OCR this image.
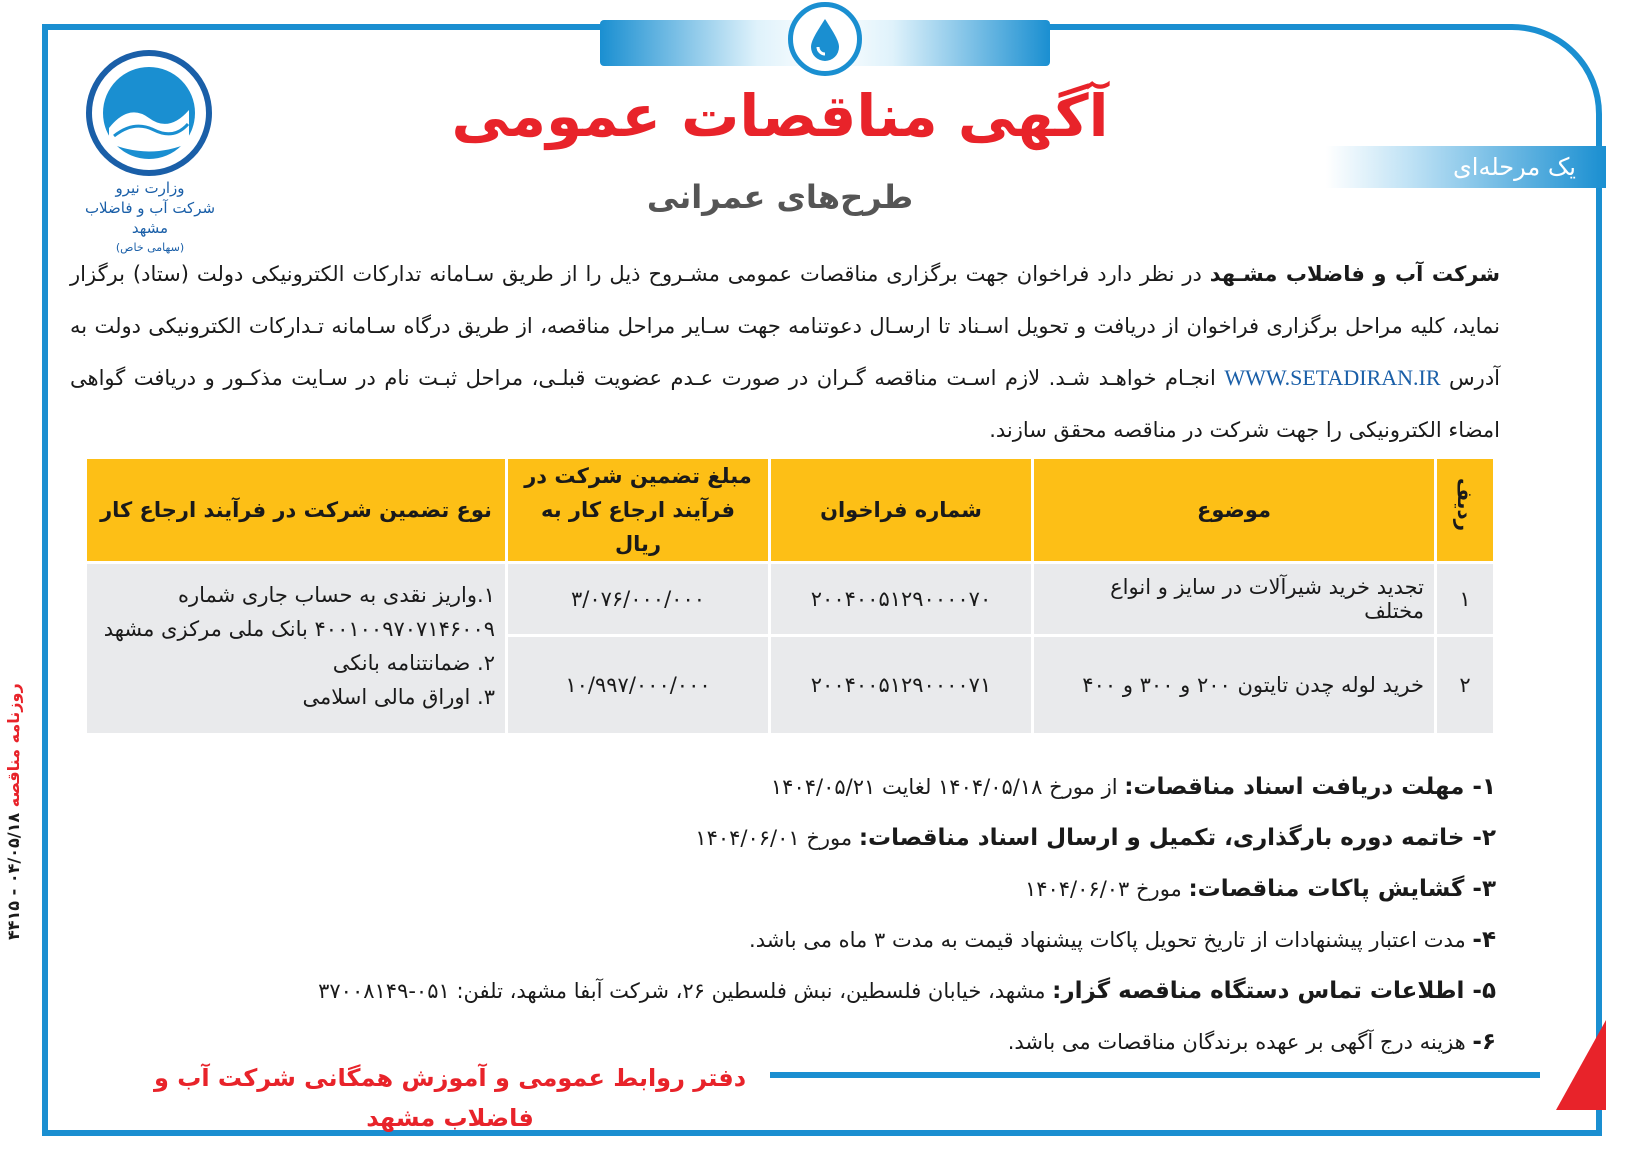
وزارت نیرو
شرکت آب و فاضلاب مشهد
(سهامی خاص)
یک مرحله‌ای
آگهی مناقصات عمومی
طرح‌های عمرانی
شرکت آب و فاضلاب مشـهد در نظر دارد فراخوان جهت برگزاری مناقصات عمومی مشـروح ذیل را از طریق سـامانه تدارکات الکترونیکی دولت (ستاد) برگزار نماید، کلیه مراحل برگزاری فراخوان از دریافت و تحویل اسـناد تا ارسـال دعوتنامه جهت سـایر مراحل مناقصه، از طریق درگاه سـامانه تـدارکات الکترونیکی دولت به آدرس WWW.SETADIRAN.IR انجـام خواهـد شـد. لازم اسـت مناقصه گـران در صورت عـدم عضویت قبلـی، مراحل ثبـت نام در سـایت مذکـور و دریافت گواهی امضاء الکترونیکی را جهت شرکت در مناقصه محقق سازند.
ردیف	موضوع	شماره فراخوان	مبلغ تضمین شرکت در فرآیند ارجاع کار به ریال	نوع تضمین شرکت در فرآیند ارجاع کار
۱	تجدید خرید شیرآلات در سایز و انواع مختلف	۲۰۰۴۰۰۵۱۲۹۰۰۰۰۷۰	۳/۰۷۶/۰۰۰/۰۰۰	۱.واریز نقدی به حساب جاری شماره
۴۰۰۱۰۰۹۷۰۷۱۴۶۰۰۹ بانک ملی مرکزی مشهد
۲. ضمانتنامه بانکی
۳. اوراق مالی اسلامی

۲	خرید لوله چدن تایتون ۲۰۰ و ۳۰۰ و ۴۰۰	۲۰۰۴۰۰۵۱۲۹۰۰۰۰۷۱	۱۰/۹۹۷/۰۰۰/۰۰۰	
۱- مهلت دریافت اسناد مناقصات: از مورخ ۱۴۰۴/۰۵/۱۸ لغایت ۱۴۰۴/۰۵/۲۱
۲- خاتمه دوره بارگذاری، تکمیل و ارسال اسناد مناقصات: مورخ ۱۴۰۴/۰۶/۰۱
۳- گشایش پاکات مناقصات: مورخ ۱۴۰۴/۰۶/۰۳
۴- مدت اعتبار پیشنهادات از تاریخ تحویل پاکات پیشنهاد قیمت به مدت ۳ ماه می باشد.
۵- اطلاعات تماس دستگاه مناقصه گزار: مشهد، خیابان فلسطین، نبش فلسطین ۲۶، شرکت آبفا مشهد، تلفن: ۰۵۱-۳۷۰۰۸۱۴۹
۶- هزینه درج آگهی بر عهده برندگان مناقصات می باشد.
دفتر روابط عمومی و آموزش همگانی شرکت آب و فاضلاب مشهد
روزنامه مناقصه ۰۴/۰۵/۱۸ - ۴۴۱۵
